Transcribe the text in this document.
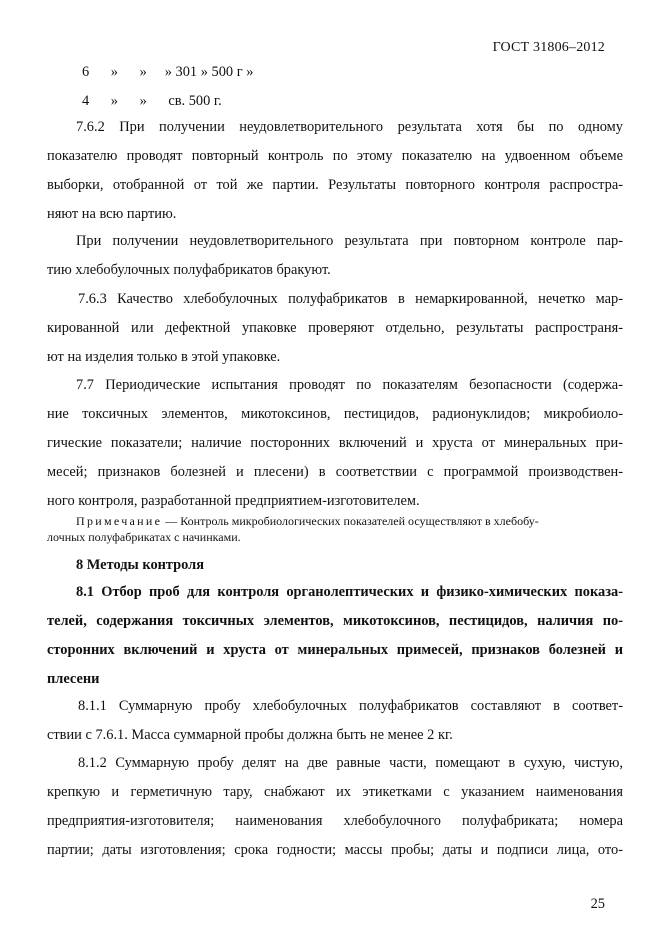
ГОСТ 31806–2012
6      »      »     » 301 » 500 г »
4      »      »      св. 500 г.
7.6.2 При получении неудовлетворительного результата хотя бы по одному
показателю проводят повторный контроль по этому показателю на удвоенном объеме
выборки, отобранной от той же партии. Результаты повторного контроля распростра-
няют на всю партию.
При получении неудовлетворительного результата при повторном контроле пар-
тию хлебобулочных полуфабрикатов бракуют.
7.6.3 Качество хлебобулочных полуфабрикатов в немаркированной, нечетко мар-
кированной или дефектной упаковке проверяют отдельно, результаты распространя-
ют на изделия только в этой упаковке.
7.7 Периодические испытания проводят по показателям безопасности (содержа-
ние токсичных элементов, микотоксинов, пестицидов, радионуклидов; микробиоло-
гические показатели; наличие посторонних включений и хруста от минеральных при-
месей; признаков болезней и плесени) в соответствии с программой производствен-
ного контроля, разработанной предприятием-изготовителем.
Примечание — Контроль микробиологических показателей осуществляют в хлебобу-
лочных полуфабрикатах с начинками.
8 Методы контроля
8.1 Отбор проб для контроля органолептических и физико-химических показа-
телей, содержания токсичных элементов, микотоксинов, пестицидов, наличия по-
сторонних включений и хруста от минеральных примесей, признаков болезней и
плесени
8.1.1 Суммарную пробу хлебобулочных полуфабрикатов составляют в соответ-
ствии с 7.6.1. Масса суммарной пробы должна быть не менее 2 кг.
8.1.2 Суммарную пробу делят на две равные части, помещают в сухую, чистую,
крепкую и герметичную тару, снабжают их этикетками с указанием наименования
предприятия-изготовителя; наименования хлебобулочного полуфабриката; номера
партии; даты изготовления; срока годности; массы пробы; даты и подписи лица, ото-
25
